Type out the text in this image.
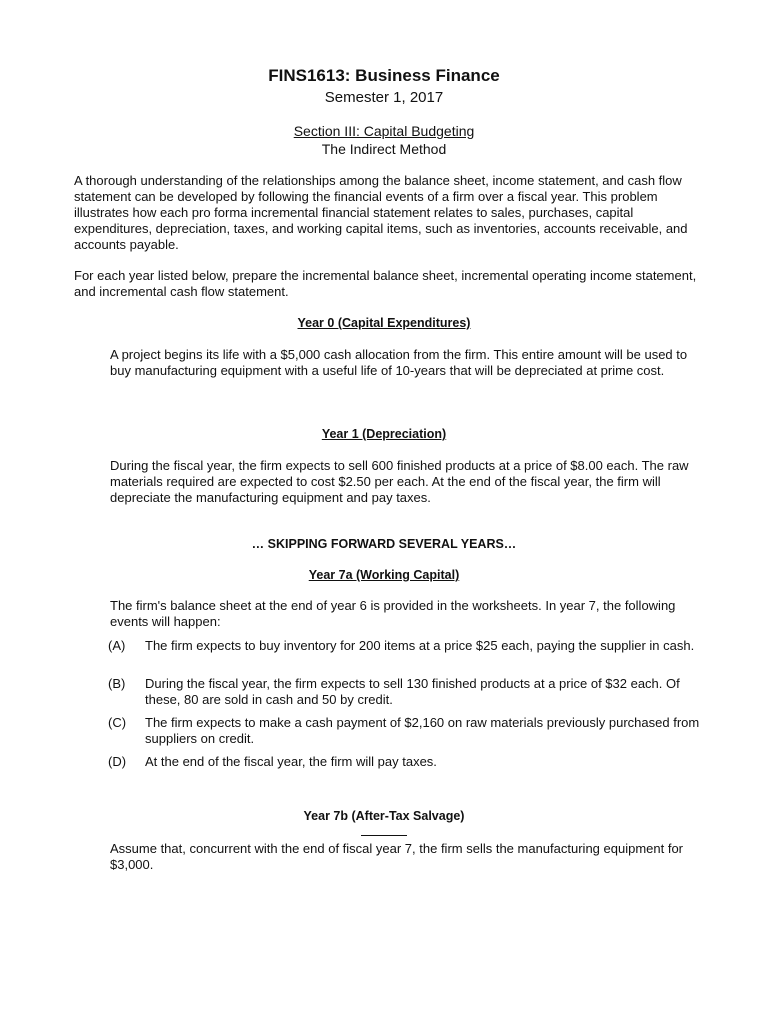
FINS1613: Business Finance
Semester 1, 2017
Section III: Capital Budgeting
The Indirect Method
A thorough understanding of the relationships among the balance sheet, income statement, and cash flow statement can be developed by following the financial events of a firm over a fiscal year. This problem illustrates how each pro forma incremental financial statement relates to sales, purchases, capital expenditures, depreciation, taxes, and working capital items, such as inventories, accounts receivable, and accounts payable.
For each year listed below, prepare the incremental balance sheet, incremental operating income statement, and incremental cash flow statement.
Year 0 (Capital Expenditures)
A project begins its life with a $5,000 cash allocation from the firm. This entire amount will be used to buy manufacturing equipment with a useful life of 10-years that will be depreciated at prime cost.
Year 1 (Depreciation)
During the fiscal year, the firm expects to sell 600 finished products at a price of $8.00 each. The raw materials required are expected to cost $2.50 per each. At the end of the fiscal year, the firm will depreciate the manufacturing equipment and pay taxes.
… SKIPPING FORWARD SEVERAL YEARS…
Year 7a (Working Capital)
The firm's balance sheet at the end of year 6 is provided in the worksheets. In year 7, the following events will happen:
(A)	The firm expects to buy inventory for 200 items at a price $25 each, paying the supplier in cash.
(B)	During the fiscal year, the firm expects to sell 130 finished products at a price of $32 each. Of these, 80 are sold in cash and 50 by credit.
(C)	The firm expects to make a cash payment of $2,160 on raw materials previously purchased from suppliers on credit.
(D)	At the end of the fiscal year, the firm will pay taxes.
Year 7b (After-Tax Salvage)
Assume that, concurrent with the end of fiscal year 7, the firm sells the manufacturing equipment for $3,000.
